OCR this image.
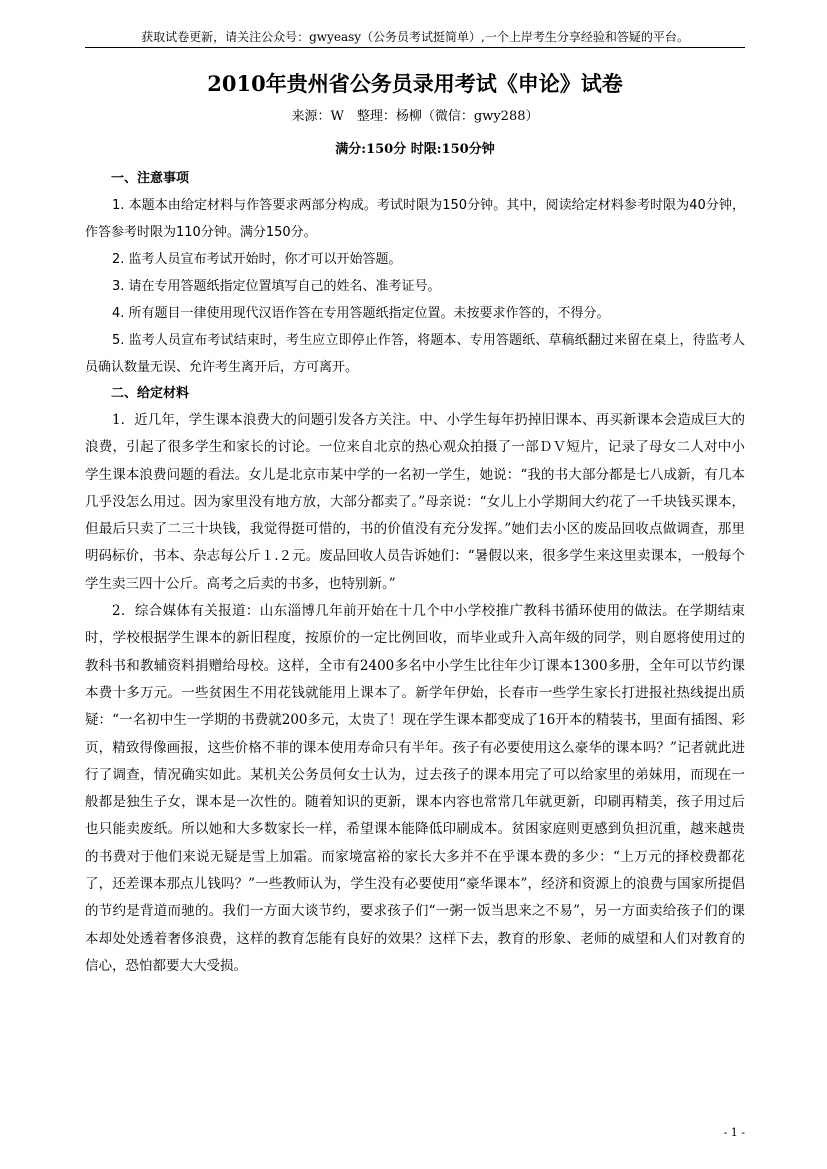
获取试卷更新，请关注公众号：gwyeasy（公务员考试挺简单）,一个上岸考生分享经验和答疑的平台。
2010年贵州省公务员录用考试《申论》试卷
来源：W　整理：杨柳（微信：gwy288）
满分:150分 时限:150分钟
一、注意事项

1. 本题本由给定材料与作答要求两部分构成。考试时限为150分钟。其中，阅读给定材料参考时限为40分钟，作答参考时限为110分钟。满分150分。

2. 监考人员宣布考试开始时，你才可以开始答题。

3. 请在专用答题纸指定位置填写自己的姓名、准考证号。

4. 所有题目一律使用现代汉语作答在专用答题纸指定位置。未按要求作答的，不得分。

5. 监考人员宣布考试结束时，考生应立即停止作答，将题本、专用答题纸、草稿纸翻过来留在桌上，待监考人员确认数量无误、允许考生离开后，方可离开。

二、给定材料

1．近几年，学生课本浪费大的问题引发各方关注。中、小学生每年扔掉旧课本、再买新课本会造成巨大的浪费，引起了很多学生和家长的讨论。一位来自北京的热心观众拍摄了一部ＤＶ短片，记录了母女二人对中小学生课本浪费问题的看法。女儿是北京市某中学的一名初一学生，她说：“我的书大部分都是七八成新，有几本几乎没怎么用过。因为家里没有地方放，大部分都卖了。”母亲说：“女儿上小学期间大约花了一千块钱买课本，但最后只卖了二三十块钱，我觉得挺可惜的，书的价值没有充分发挥。”她们去小区的废品回收点做调查，那里明码标价，书本、杂志每公斤１.２元。废品回收人员告诉她们：“暑假以来，很多学生来这里卖课本，一般每个学生卖三四十公斤。高考之后卖的书多，也特别新。”

2．综合媒体有关报道：山东淄博几年前开始在十几个中小学校推广教科书循环使用的做法。在学期结束时，学校根据学生课本的新旧程度，按原价的一定比例回收，而毕业或升入高年级的同学，则自愿将使用过的教科书和教辅资料捐赠给母校。这样，全市有2400多名中小学生比往年少订课本1300多册，全年可以节约课本费十多万元。一些贫困生不用花钱就能用上课本了。新学年伊始，长春市一些学生家长打进报社热线提出质疑：“一名初中生一学期的书费就200多元，太贵了！现在学生课本都变成了16开本的精装书，里面有插图、彩页，精致得像画报，这些价格不菲的课本使用寿命只有半年。孩子有必要使用这么豪华的课本吗？”记者就此进行了调查，情况确实如此。某机关公务员何女士认为，过去孩子的课本用完了可以给家里的弟妹用，而现在一般都是独生子女，课本是一次性的。随着知识的更新，课本内容也常常几年就更新，印刷再精美，孩子用过后也只能卖废纸。所以她和大多数家长一样，希望课本能降低印刷成本。贫困家庭则更感到负担沉重，越来越贵的书费对于他们来说无疑是雪上加霜。而家境富裕的家长大多并不在乎课本费的多少：“上万元的择校费都花了，还差课本那点儿钱吗？”一些教师认为，学生没有必要使用“豪华课本”，经济和资源上的浪费与国家所提倡的节约是背道而驰的。我们一方面大谈节约，要求孩子们“一粥一饭当思来之不易”，另一方面卖给孩子们的课本却处处透着奢侈浪费，这样的教育怎能有良好的效果？这样下去，教育的形象、老师的威望和人们对教育的信心，恐怕都要大大受损。

- 1 -
